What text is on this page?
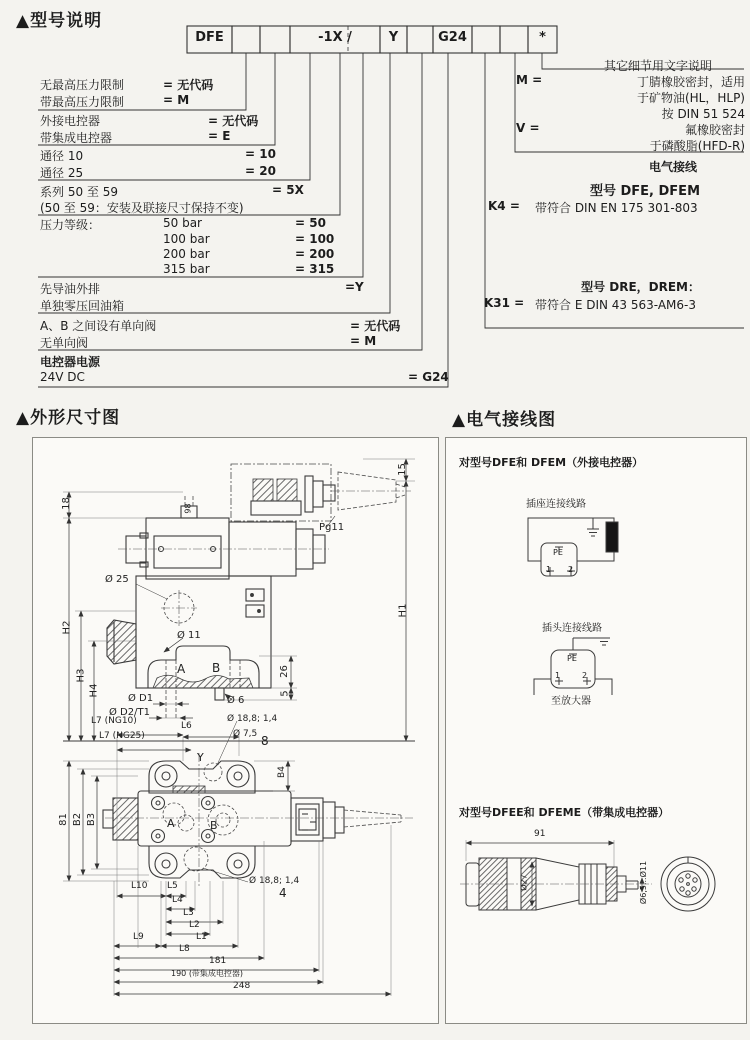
▲型号说明
DFE	-1X /	Y	G24	*
无最高压力限制	= 无代码
带最高压力限制	= M
外接电控器	= 无代码
带集成电控器	= E
通径 10	= 10
通径 25	= 20
系列 50 至 59	= 5X
(50 至 59：安装及联接尺寸保持不变)
压力等级：	50 bar	= 50
100 bar	= 100
200 bar	= 200
315 bar	= 315
先导油外排	=Y
单独零压回油箱
A、B 之间设有单向阀	= 无代码
无单向阀	= M
电控器电源
24V DC	= G24
其它细节用文字说明
M =	丁腈橡胶密封，适用
于矿物油(HL，HLP)
按 DIN 51 524
V =	氟橡胶密封
于磷酸脂(HFD-R)
电气接线
型号 DFE, DFEM
K4 = 带符合 DIN EN 175 301-803
型号 DRE，DREM：
K31 = 带符合 E DIN 43 563-AM6-3
▲外形尺寸图	▲电气接线图
18
H2
H3
H4
98
Pg11
15
H1
Ø 25
Ø 11
A B	26
5
Ø D1
Ø D2/T1
Ø 6
L7 (NG10)
L7 (NG25)
L6
Ø 18,8; 1,4
Ø 7,5 8
B4
Y
81 B2 B3	A	B
Ø 18,8; 1,4
4
L10 L5
L4
L3
L2
L1
L9
L8
181
190 (带集成电控器)
248
对型号DFE和 DFEM（外接电控器）
插座连接线路
插头连接线路
至放大器
对型号DFEE和 DFEME（带集成电控器）
PE
1 2
PE
1	2
91
Ø27	Ø6,5...Ø11
